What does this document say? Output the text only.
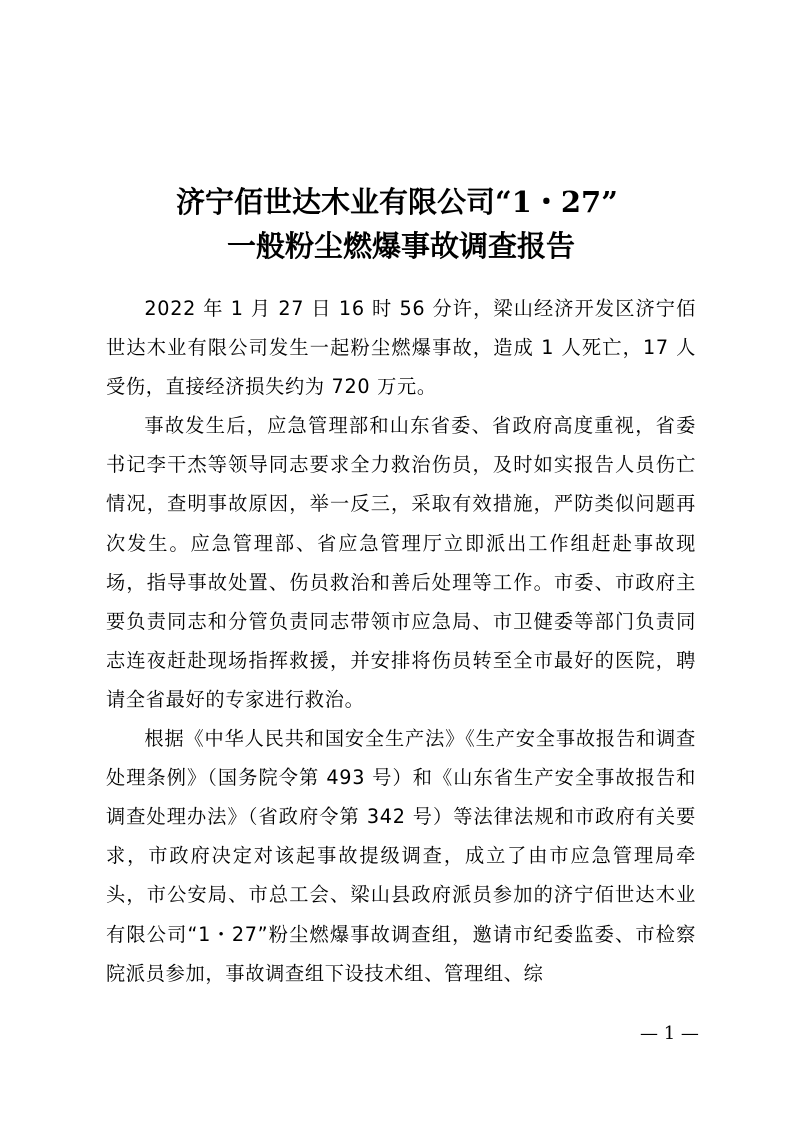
济宁佰世达木业有限公司“1・27”
一般粉尘燃爆事故调查报告

2022 年 1 月 27 日 16 时 56 分许，梁山经济开发区济宁佰世达木业有限公司发生一起粉尘燃爆事故，造成 1 人死亡，17 人受伤，直接经济损失约为 720 万元。

事故发生后，应急管理部和山东省委、省政府高度重视，省委书记李干杰等领导同志要求全力救治伤员，及时如实报告人员伤亡情况，查明事故原因，举一反三，采取有效措施，严防类似问题再次发生。应急管理部、省应急管理厅立即派出工作组赶赴事故现场，指导事故处置、伤员救治和善后处理等工作。市委、市政府主要负责同志和分管负责同志带领市应急局、市卫健委等部门负责同志连夜赶赴现场指挥救援，并安排将伤员转至全市最好的医院，聘请全省最好的专家进行救治。

根据《中华人民共和国安全生产法》《生产安全事故报告和调查处理条例》（国务院令第 493 号）和《山东省生产安全事故报告和调查处理办法》（省政府令第 342 号）等法律法规和市政府有关要求，市政府决定对该起事故提级调查，成立了由市应急管理局牵头，市公安局、市总工会、梁山县政府派员参加的济宁佰世达木业有限公司“1・27”粉尘燃爆事故调查组，邀请市纪委监委、市检察院派员参加，事故调查组下设技术组、管理组、综

— 1 —
